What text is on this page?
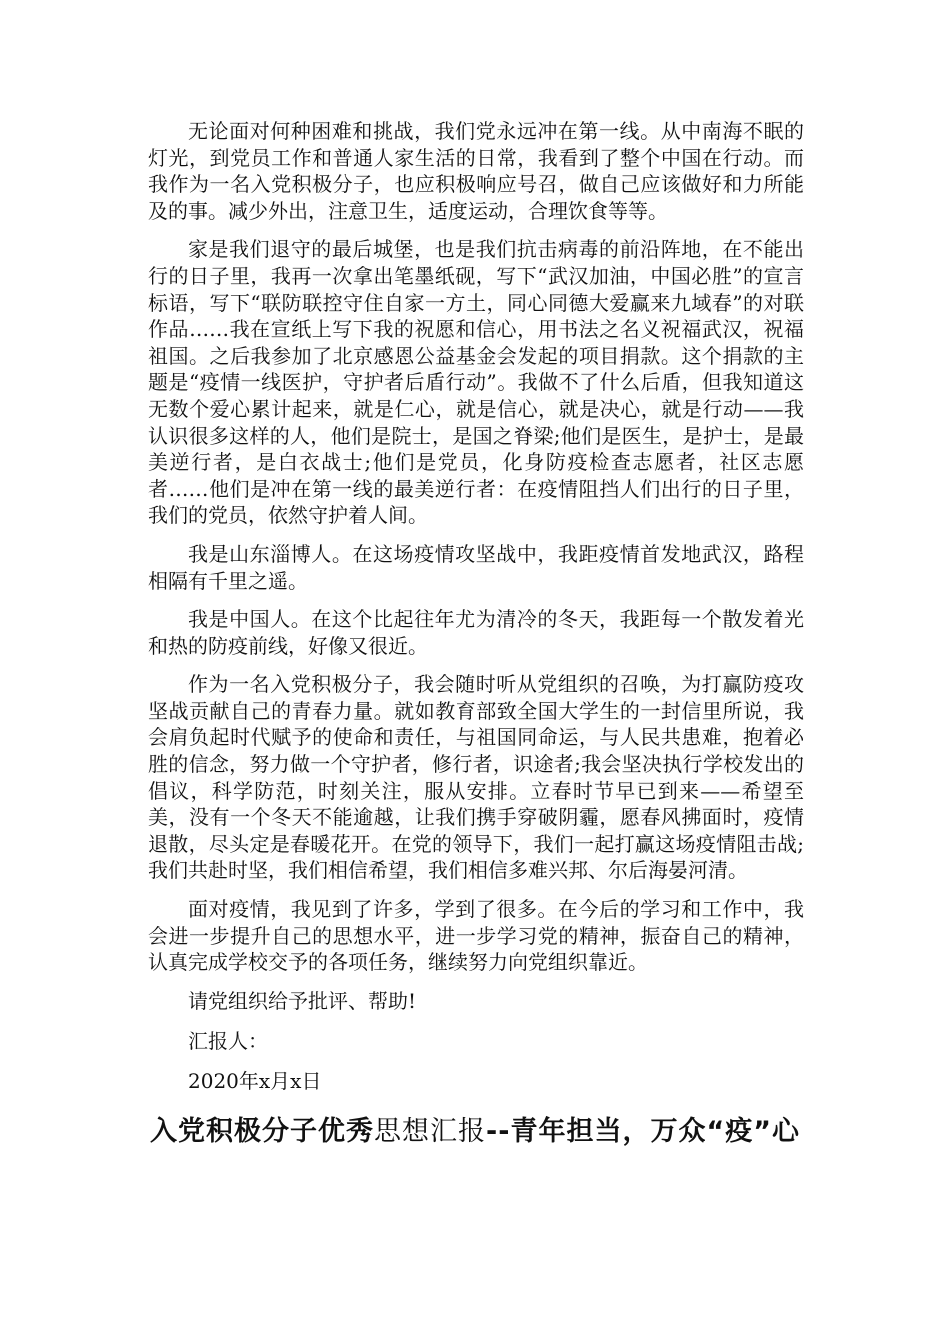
无论面对何种困难和挑战，我们党永远冲在第一线。从中南海不眠的灯光，到党员工作和普通人家生活的日常，我看到了整个中国在行动。而我作为一名入党积极分子，也应积极响应号召，做自己应该做好和力所能及的事。减少外出，注意卫生，适度运动，合理饮食等等。

家是我们退守的最后城堡，也是我们抗击病毒的前沿阵地，在不能出行的日子里，我再一次拿出笔墨纸砚，写下“武汉加油，中国必胜”的宣言标语，写下“联防联控守住自家一方土，同心同德大爱赢来九域春”的对联作品……我在宣纸上写下我的祝愿和信心，用书法之名义祝福武汉，祝福祖国。之后我参加了北京感恩公益基金会发起的项目捐款。这个捐款的主题是“疫情一线医护，守护者后盾行动”。我做不了什么后盾，但我知道这无数个爱心累计起来，就是仁心，就是信心，就是决心，就是行动——我认识很多这样的人，他们是院士，是国之脊梁;他们是医生，是护士，是最美逆行者，是白衣战士;他们是党员，化身防疫检查志愿者，社区志愿者……他们是冲在第一线的最美逆行者：在疫情阻挡人们出行的日子里，我们的党员，依然守护着人间。

我是山东淄博人。在这场疫情攻坚战中，我距疫情首发地武汉，路程相隔有千里之遥。

我是中国人。在这个比起往年尤为清冷的冬天，我距每一个散发着光和热的防疫前线，好像又很近。

作为一名入党积极分子，我会随时听从党组织的召唤，为打赢防疫攻坚战贡献自己的青春力量。就如教育部致全国大学生的一封信里所说，我会肩负起时代赋予的使命和责任，与祖国同命运，与人民共患难，抱着必胜的信念，努力做一个守护者，修行者，识途者;我会坚决执行学校发出的倡议，科学防范，时刻关注，服从安排。立春时节早已到来——希望至美，没有一个冬天不能逾越，让我们携手穿破阴霾，愿春风拂面时，疫情退散，尽头定是春暖花开。在党的领导下，我们一起打赢这场疫情阻击战;我们共赴时坚，我们相信希望，我们相信多难兴邦、尔后海晏河清。

面对疫情，我见到了许多，学到了很多。在今后的学习和工作中，我会进一步提升自己的思想水平，进一步学习党的精神，振奋自己的精神，认真完成学校交予的各项任务，继续努力向党组织靠近。

请党组织给予批评、帮助!

汇报人：

2020年x月x日

入党积极分子优秀思想汇报--青年担当，万众“疫”心
